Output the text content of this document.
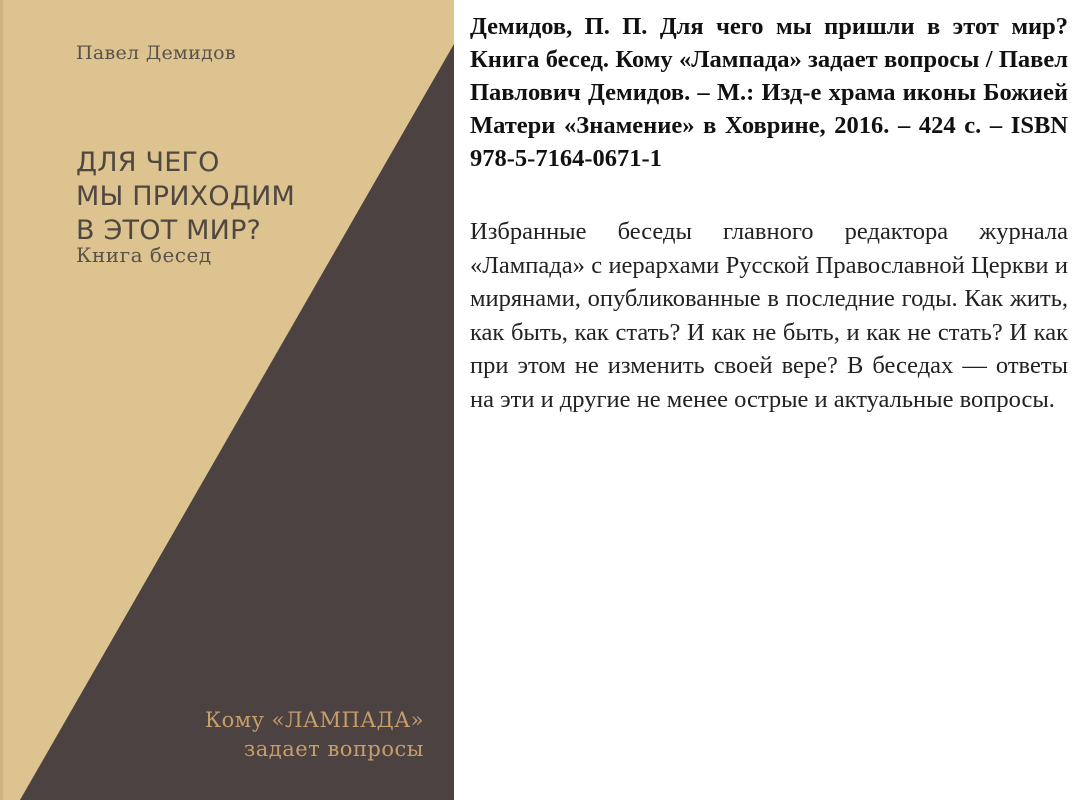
Павел Демидов
ДЛЯ ЧЕГО
МЫ ПРИХОДИМ
В ЭТОТ МИР?
Книга бесед
Кому «ЛАМПАДА»
задает вопросы

Демидов, П. П. Для чего мы пришли в этот мир? Книга бесед. Кому «Лампада» задает вопросы / Павел Павлович Демидов. – М.: Изд-е храма иконы Божией Матери «Знамение» в Ховрине, 2016. – 424 с. – ISBN 978-5-7164-0671-1

Избранные беседы главного редактора журнала «Лампада» с иерархами Русской Православной Церкви и мирянами, опубликованные в последние годы. Как жить, как быть, как стать? И как не быть, и как не стать? И как при этом не изменить своей вере? В беседах — ответы на эти и другие не менее острые и актуальные вопросы.
